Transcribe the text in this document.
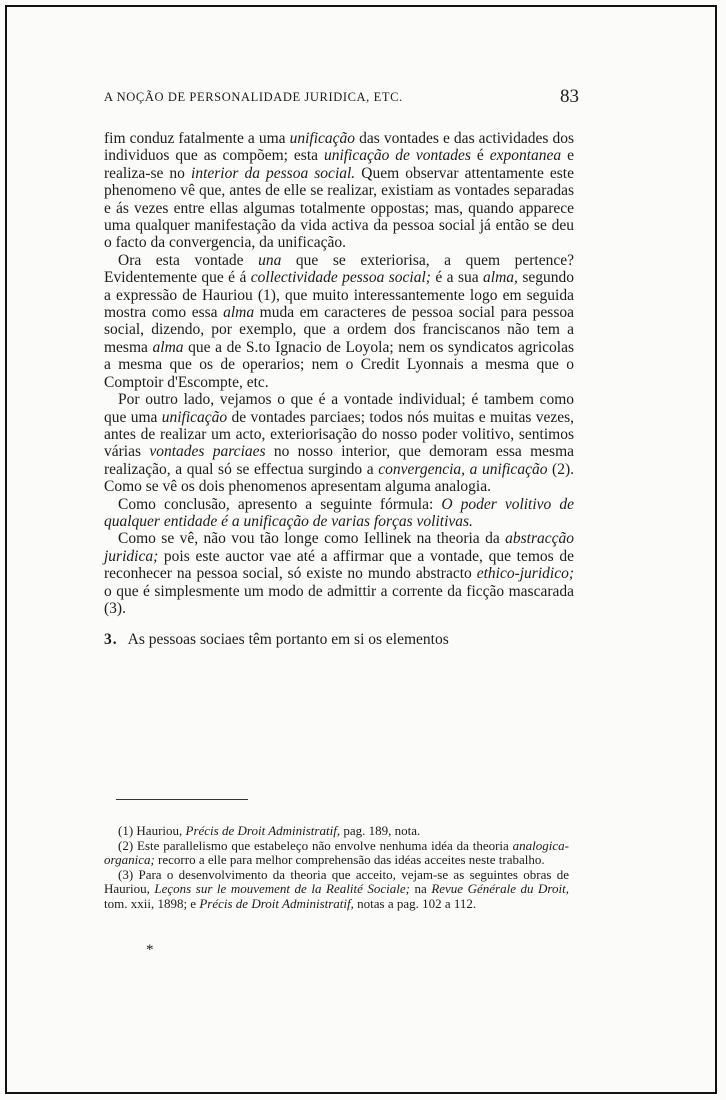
A NOÇÃO DE PERSONALIDADE JURIDICA, ETC.	83

fim conduz fatalmente a uma unificação das vontades e das actividades dos individuos que as compõem; esta unificação de vontades é expontanea e realiza-se no interior da pessoa social. Quem observar attentamente este phenomeno vê que, antes de elle se realizar, existiam as vontades separadas e ás vezes entre ellas algumas totalmente oppostas; mas, quando apparece uma qualquer manifestação da vida activa da pessoa social já então se deu o facto da convergencia, da unificação.

Ora esta vontade una que se exteriorisa, a quem pertence? Evidentemente que é á collectividade pessoa social; é a sua alma, segundo a expressão de Hauriou (1), que muito interessantemente logo em seguida mostra como essa alma muda em caracteres de pessoa social para pessoa social, dizendo, por exemplo, que a ordem dos franciscanos não tem a mesma alma que a de S.to Ignacio de Loyola; nem os syndicatos agricolas a mesma que os de operarios; nem o Credit Lyonnais a mesma que o Comptoir d'Escompte, etc.

Por outro lado, vejamos o que é a vontade individual; é tambem como que uma unificação de vontades parciaes; todos nós muitas e muitas vezes, antes de realizar um acto, exteriorisação do nosso poder volitivo, sentimos várias vontades parciaes no nosso interior, que demoram essa mesma realização, a qual só se effectua surgindo a convergencia, a unificação (2). Como se vê os dois phenomenos apresentam alguma analogia.

Como conclusão, apresento a seguinte fórmula: O poder volitivo de qualquer entidade é a unificação de varias forças volitivas.

Como se vê, não vou tão longe como Iellinek na theoria da abstracção juridica; pois este auctor vae até a affirmar que a vontade, que temos de reconhecer na pessoa social, só existe no mundo abstracto ethico-juridico; o que é simplesmente um modo de admittir a corrente da ficção mascarada (3).

3. As pessoas sociaes têm portanto em si os elementos

(1) Hauriou, Précis de Droit Administratif, pag. 189, nota.

(2) Este parallelismo que estabeleço não envolve nenhuma idéa da theoria analogica-organica; recorro a elle para melhor comprehensão das idéas acceites neste trabalho.

(3) Para o desenvolvimento da theoria que acceito, vejam-se as seguintes obras de Hauriou, Leçons sur le mouvement de la Realité Sociale; na Revue Générale du Droit, tom. xxii, 1898; e Précis de Droit Administratif, notas a pag. 102 a 112.

*
